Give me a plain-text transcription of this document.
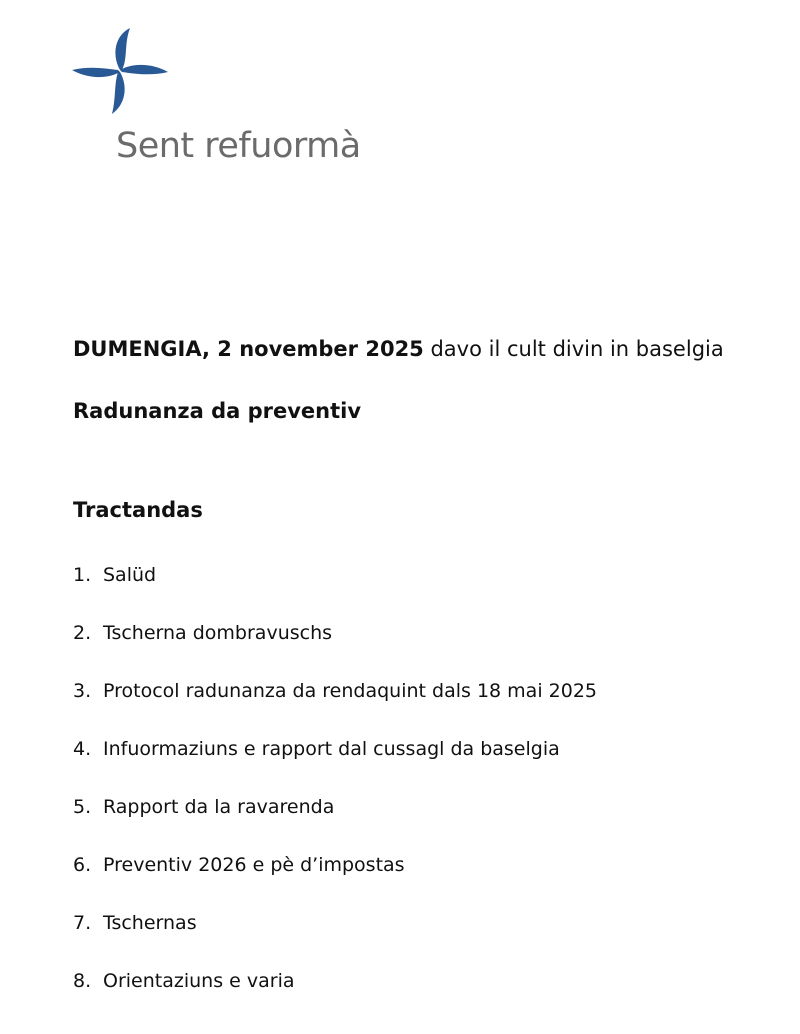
Sent refuormà
DUMENGIA, 2 november 2025 davo il cult divin in baselgia
Radunanza da preventiv
Tractandas
1. Salüd
2. Tscherna dombravuschs
3. Protocol radunanza da rendaquint dals 18 mai 2025
4. Infuormaziuns e rapport dal cussagl da baselgia
5. Rapport da la ravarenda
6. Preventiv 2026 e pè d’impostas
7. Tschernas
8. Orientaziuns e varia
